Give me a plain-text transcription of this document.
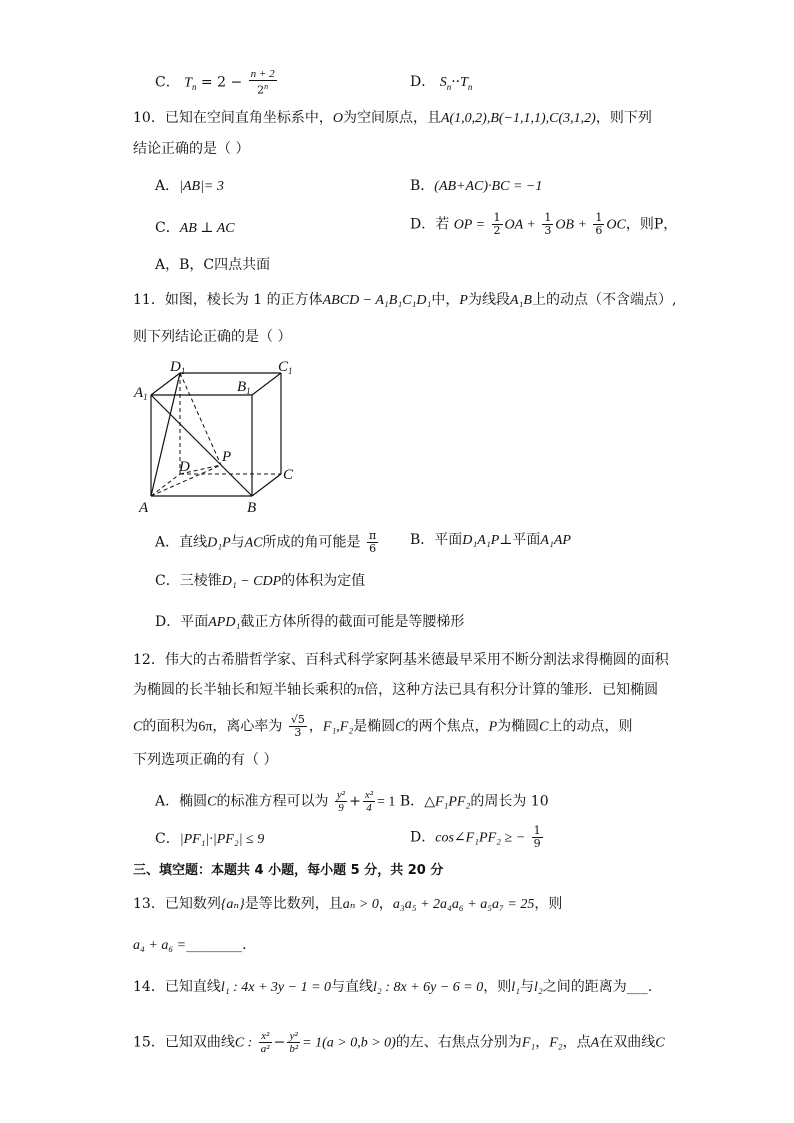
C． $T_n = 2 - \frac{n + 2}{2^n}$	D． $S_n\cdot\cdot T_n$
10．已知在空间直角坐标系中，O为空间原点，且A(1,0,2),B(−1,1,1),C(3,1,2)，则下列
结论正确的是（ ）
A．|AB|= 3	B．(AB+AC)·BC = −1
C．AB ⊥ AC	D．若 OP = $\frac{1}{2}$ OA + $\frac{1}{3}$ OB + $\frac{1}{6}$ OC，则P，
A，B，C四点共面
11．如图，棱长为 1 的正方体ABCD − A₁B₁C₁D₁中，P为线段A₁B上的动点（不含端点）,
则下列结论正确的是（ ）
$D_1$	$C_1$
$A_1$
$B_1$
D
P
C
A	B
A．直线D₁P与AC所成的角可能是 $\frac{\pi}{6}$ B．平面D₁A₁P⊥平面A₁AP
C．三棱锥D₁ − CDP的体积为定值
D．平面APD₁截正方体所得的截面可能是等腰梯形
12．伟大的古希腊哲学家、百科式科学家阿基米德最早采用不断分割法求得椭圆的面积
为椭圆的长半轴长和短半轴长乘积的π倍，这种方法已具有积分计算的雏形．已知椭圆
C的面积为6π，离心率为 $\frac{√5}{3}$ ，F₁,F₂是椭圆C的两个焦点，P为椭圆C上的动点，则
下列选项正确的有（ ）
A．椭圆C的标准方程可以为 $\frac{\text{y²}}{9} + \frac{\text{x²}}{4} = 1$ B．△F₁PF₂的周长为 10
C．|PF₁|·|PF₂| ≤ 9	D．cos∠F₁PF₂ ≥ − $\frac{1}{9}$
三、填空题：本题共 4 小题，每小题 5 分，共 20 分
13．已知数列{aₙ}是等比数列，且aₙ > 0，a₃a₅ + 2a₄a₆ + a₅a₇ = 25，则
a₄ + a₆ =________．
14．已知直线l₁ : 4x + 3y − 1 = 0与直线l₂ : 8x + 6y − 6 = 0，则l₁与l₂之间的距离为___.
15．已知双曲线C : $\frac{\text{x²}}{\text{a²}} - \frac{\text{y²}}{\text{b²}} = 1(a > 0,b > 0)$的左、右焦点分别为F₁，F₂，点A在双曲线C
